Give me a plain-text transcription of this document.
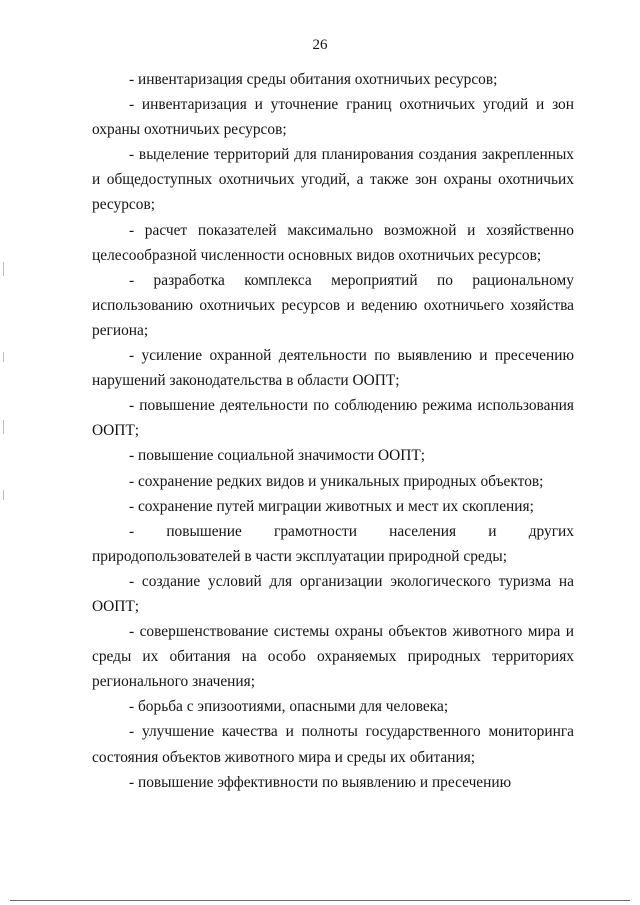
26

- инвентаризация среды обитания охотничьих ресурсов;

- инвентаризация и уточнение границ охотничьих угодий и зон охраны охотничьих ресурсов;

- выделение территорий для планирования создания закрепленных и общедоступных охотничьих угодий, а также зон охраны охотничьих ресурсов;

- расчет показателей максимально возможной и хозяйственно целесообразной численности основных видов охотничьих ресурсов;

- разработка комплекса мероприятий по рациональному использованию охотничьих ресурсов и ведению охотничьего хозяйства региона;

- усиление охранной деятельности по выявлению и пресечению нарушений законодательства в области ООПТ;

- повышение деятельности по соблюдению режима использования ООПТ;

- повышение социальной значимости ООПТ;

- сохранение редких видов и уникальных природных объектов;

- сохранение путей миграции животных и мест их скопления;

- повышение грамотности населения и других природопользователей в части эксплуатации природной среды;

- создание условий для организации экологического туризма на ООПТ;

- совершенствование системы охраны объектов животного мира и среды их обитания на особо охраняемых природных территориях регионального значения;

- борьба с эпизоотиями, опасными для человека;

- улучшение качества и полноты государственного мониторинга состояния объектов животного мира и среды их обитания;

- повышение эффективности по выявлению и пресечению
